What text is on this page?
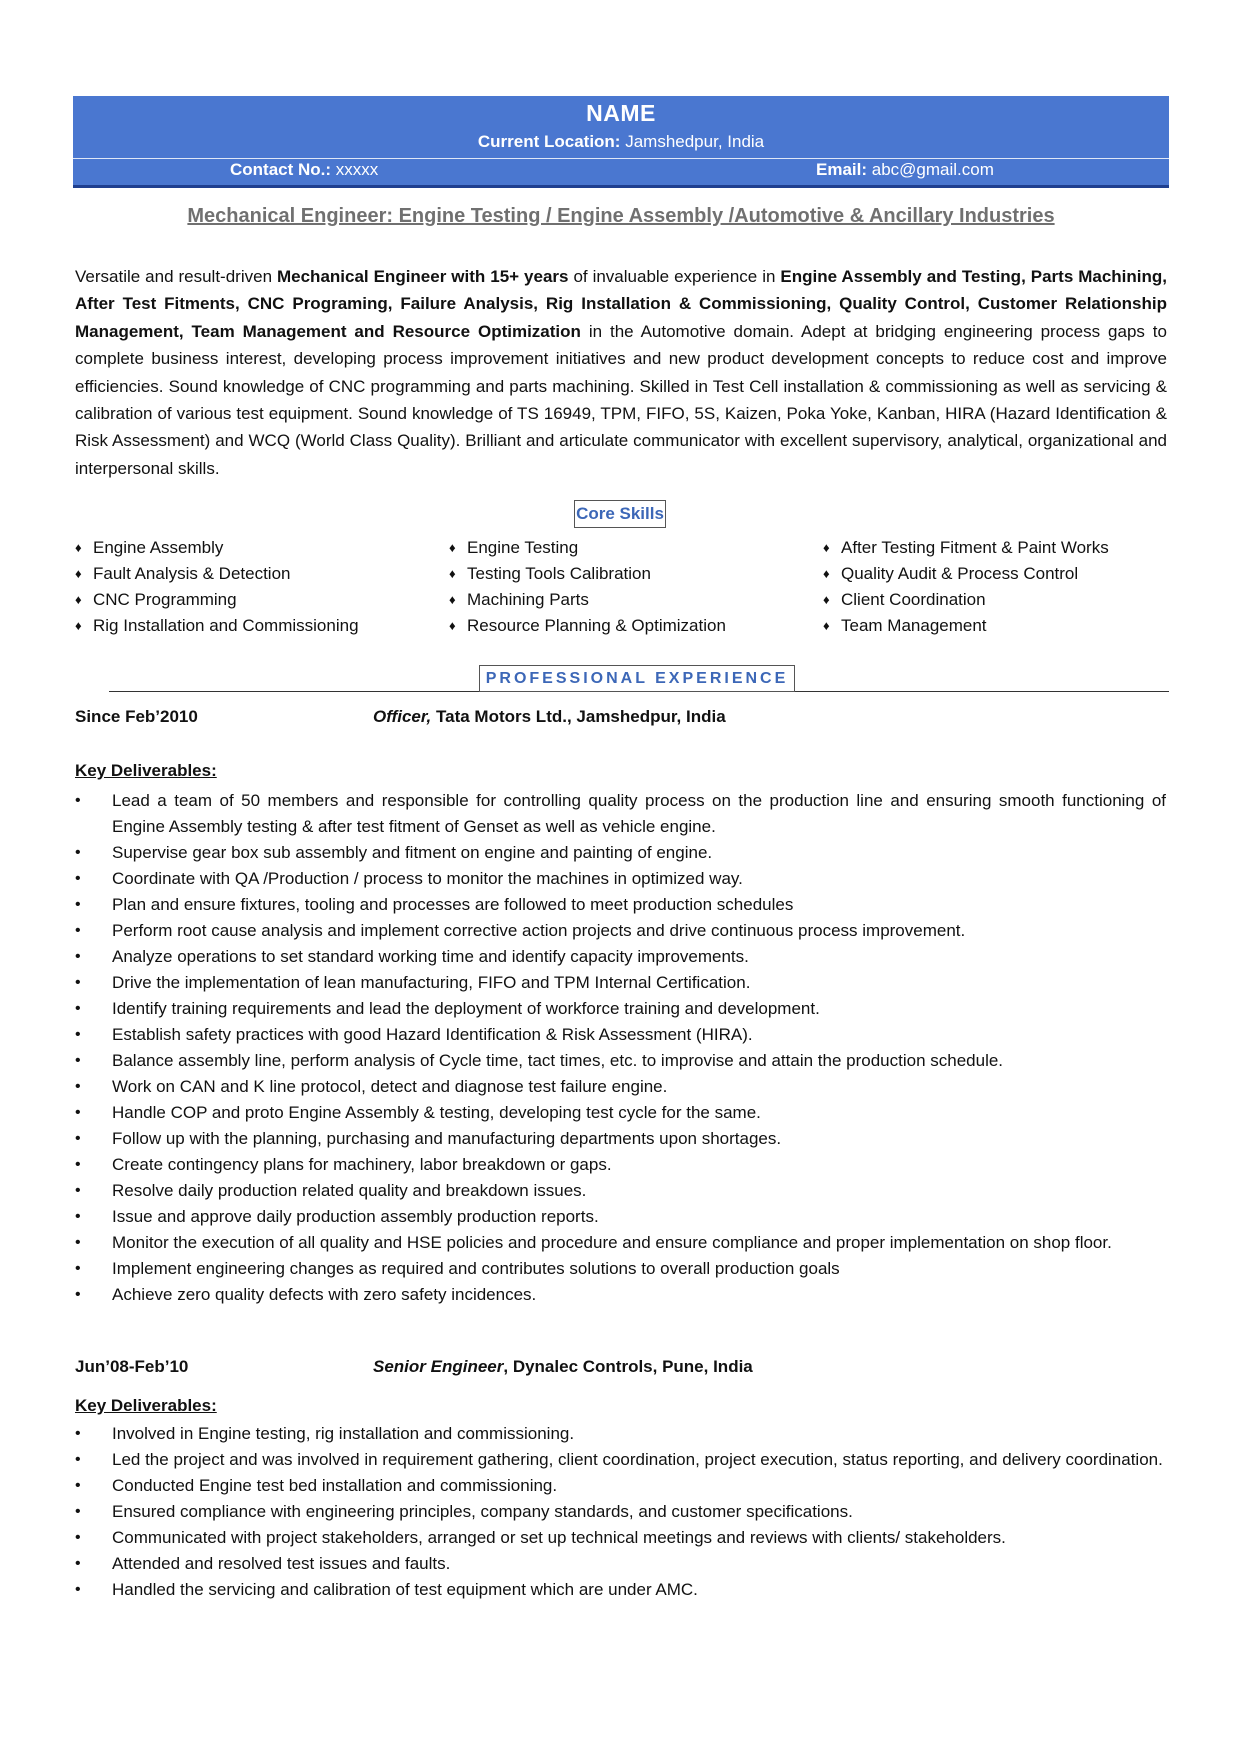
NAME
Current Location: Jamshedpur, India
Contact No.: xxxxx	Email: abc@gmail.com
Mechanical Engineer: Engine Testing / Engine Assembly /Automotive & Ancillary Industries
Versatile and result-driven Mechanical Engineer with 15+ years of invaluable experience in Engine Assembly and Testing, Parts Machining, After Test Fitments, CNC Programing, Failure Analysis, Rig Installation & Commissioning, Quality Control, Customer Relationship Management, Team Management and Resource Optimization in the Automotive domain. Adept at bridging engineering process gaps to complete business interest, developing process improvement initiatives and new product development concepts to reduce cost and improve efficiencies. Sound knowledge of CNC programming and parts machining. Skilled in Test Cell installation & commissioning as well as servicing & calibration of various test equipment. Sound knowledge of TS 16949, TPM, FIFO, 5S, Kaizen, Poka Yoke, Kanban, HIRA (Hazard Identification & Risk Assessment) and WCQ (World Class Quality). Brilliant and articulate communicator with excellent supervisory, analytical, organizational and interpersonal skills.
Core Skills
♦ Engine Assembly
♦ Fault Analysis & Detection
♦ CNC Programming
♦ Rig Installation and Commissioning
♦ Engine Testing
♦ Testing Tools Calibration
♦ Machining Parts
♦ Resource Planning & Optimization
♦ After Testing Fitment & Paint Works
♦ Quality Audit & Process Control
♦ Client Coordination
♦ Team Management
PROFESSIONAL EXPERIENCE
Since Feb’2010	Officer, Tata Motors Ltd., Jamshedpur, India
Key Deliverables:
• Lead a team of 50 members and responsible for controlling quality process on the production line and ensuring smooth functioning of Engine Assembly testing & after test fitment of Genset as well as vehicle engine.
• Supervise gear box sub assembly and fitment on engine and painting of engine.
• Coordinate with QA /Production / process to monitor the machines in optimized way.
• Plan and ensure fixtures, tooling and processes are followed to meet production schedules
• Perform root cause analysis and implement corrective action projects and drive continuous process improvement.
• Analyze operations to set standard working time and identify capacity improvements.
• Drive the implementation of lean manufacturing, FIFO and TPM Internal Certification.
• Identify training requirements and lead the deployment of workforce training and development.
• Establish safety practices with good Hazard Identification & Risk Assessment (HIRA).
• Balance assembly line, perform analysis of Cycle time, tact times, etc. to improvise and attain the production schedule.
• Work on CAN and K line protocol, detect and diagnose test failure engine.
• Handle COP and proto Engine Assembly & testing, developing test cycle for the same.
• Follow up with the planning, purchasing and manufacturing departments upon shortages.
• Create contingency plans for machinery, labor breakdown or gaps.
• Resolve daily production related quality and breakdown issues.
• Issue and approve daily production assembly production reports.
• Monitor the execution of all quality and HSE policies and procedure and ensure compliance and proper implementation on shop floor.
• Implement engineering changes as required and contributes solutions to overall production goals
• Achieve zero quality defects with zero safety incidences.
Jun’08-Feb’10	Senior Engineer, Dynalec Controls, Pune, India
Key Deliverables:
• Involved in Engine testing, rig installation and commissioning.
• Led the project and was involved in requirement gathering, client coordination, project execution, status reporting, and delivery coordination.
• Conducted Engine test bed installation and commissioning.
• Ensured compliance with engineering principles, company standards, and customer specifications.
• Communicated with project stakeholders, arranged or set up technical meetings and reviews with clients/ stakeholders.
• Attended and resolved test issues and faults.
• Handled the servicing and calibration of test equipment which are under AMC.
